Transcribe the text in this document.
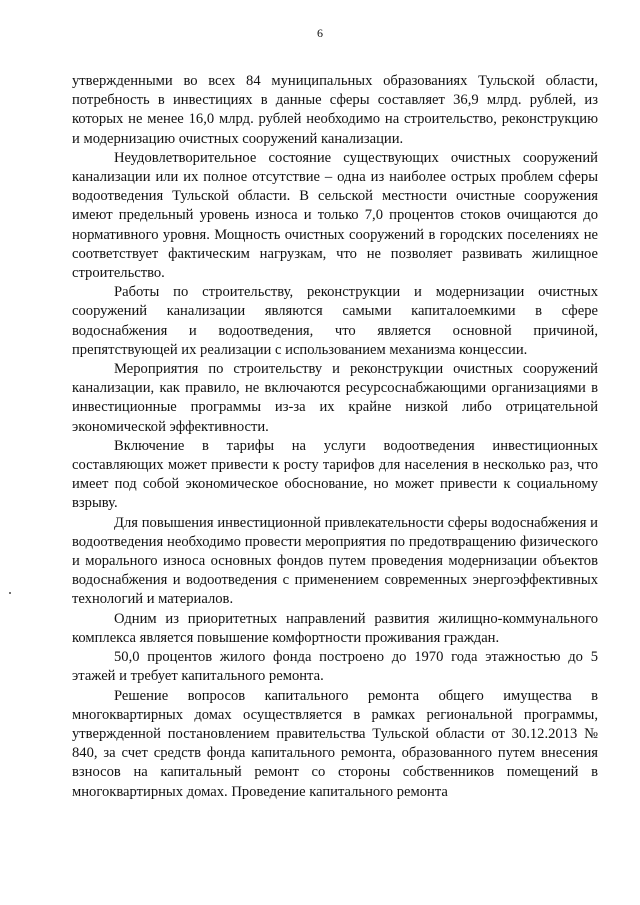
6

утвержденными во всех 84 муниципальных образованиях Тульской области, потребность в инвестициях в данные сферы составляет 36,9 млрд. рублей, из которых не менее 16,0 млрд. рублей необходимо на строительство, реконструкцию и модернизацию очистных сооружений канализации.

Неудовлетворительное состояние существующих очистных сооружений канализации или их полное отсутствие – одна из наиболее острых проблем сферы водоотведения Тульской области. В сельской местности очистные сооружения имеют предельный уровень износа и только 7,0 процентов стоков очищаются до нормативного уровня. Мощность очистных сооружений в городских поселениях не соответствует фактическим нагрузкам, что не позволяет развивать жилищное строительство.

Работы по строительству, реконструкции и модернизации очистных сооружений канализации являются самыми капиталоемкими в сфере водоснабжения и водоотведения, что является основной причиной, препятствующей их реализации с использованием механизма концессии.

Мероприятия по строительству и реконструкции очистных сооружений канализации, как правило, не включаются ресурсоснабжающими организациями в инвестиционные программы из-за их крайне низкой либо отрицательной экономической эффективности.

Включение в тарифы на услуги водоотведения инвестиционных составляющих может привести к росту тарифов для населения в несколько раз, что имеет под собой экономическое обоснование, но может привести к социальному взрыву.

Для повышения инвестиционной привлекательности сферы водоснабжения и водоотведения необходимо провести мероприятия по предотвращению физического и морального износа основных фондов путем проведения модернизации объектов водоснабжения и водоотведения с применением современных энергоэффективных технологий и материалов.

Одним из приоритетных направлений развития жилищно-коммунального комплекса является повышение комфортности проживания граждан.

50,0 процентов жилого фонда построено до 1970 года этажностью до 5 этажей и требует капитального ремонта.

Решение вопросов капитального ремонта общего имущества в многоквартирных домах осуществляется в рамках региональной программы, утвержденной постановлением правительства Тульской области от 30.12.2013 № 840, за счет средств фонда капитального ремонта, образованного путем внесения взносов на капитальный ремонт со стороны собственников помещений в многоквартирных домах. Проведение капитального ремонта
